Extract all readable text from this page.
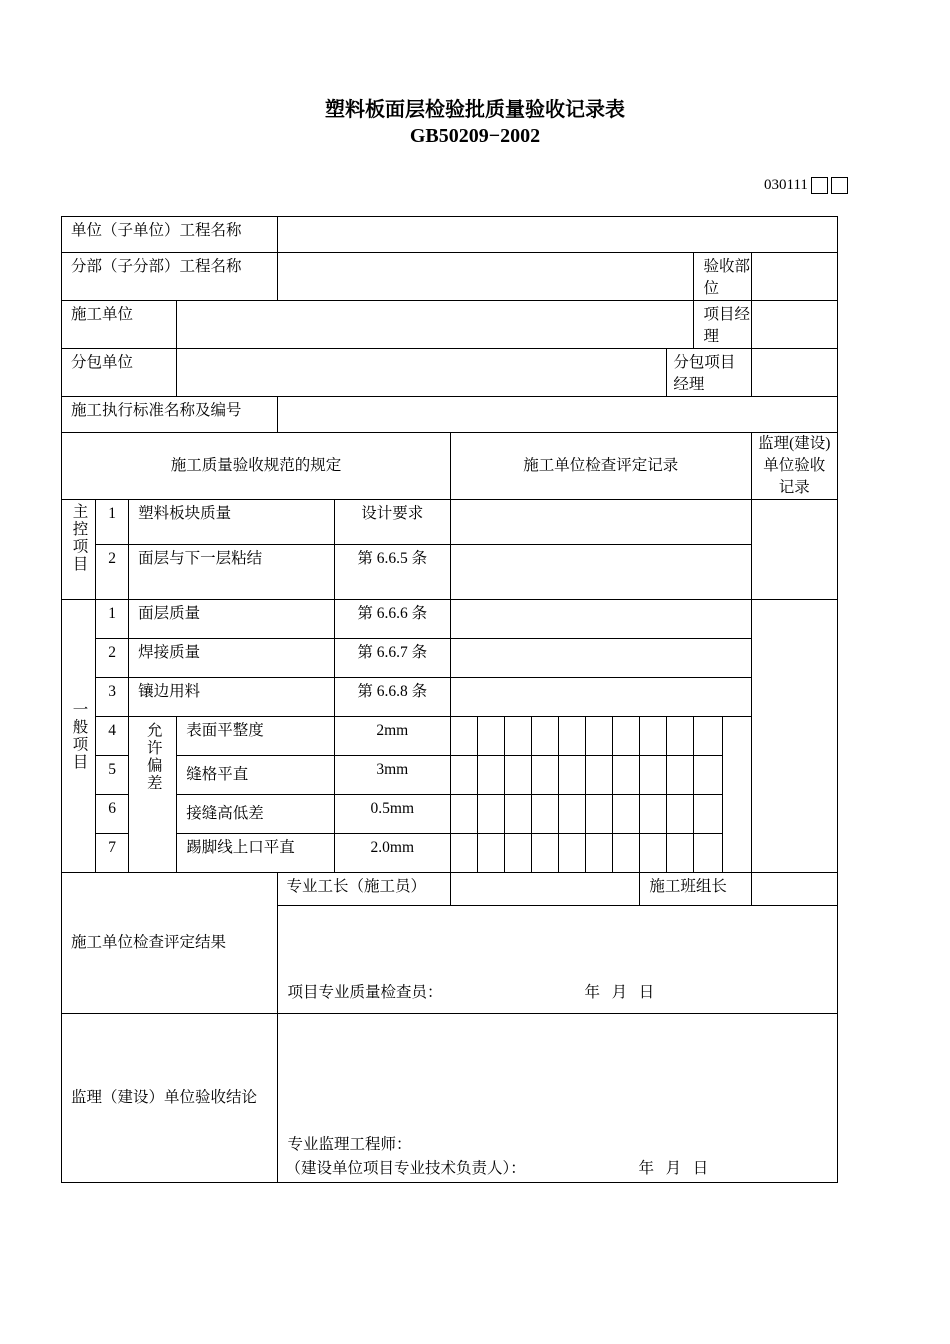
塑料板面层检验批质量验收记录表
GB50209−2002
030111
单位（子单位）工程名称																
分部（子分部）工程名称															验收部位	
施工单位															项目经理	
分包单位														分包项目经理		
施工执行标准名称及编号																
施工质量验收规范的规定						施工单位检查评定记录										监理(建设)单位验收记录

主控项目	1	塑料板块质量			设计要求											
	2	面层与下一层粘结			第 6.6.5 条											

一般项目	1	面层质量			第 6.6.6 条											
	2	焊接质量			第 6.6.7 条											
	3	镶边用料			第 6.6.8 条											
	4	允许偏差	表面平整度		2mm											
	5		缝格平直		3mm											
	6		接缝高低差		0.5mm											
	7		踢脚线上口平直		2.0mm											
施工单位检查评定结果				专业工长（施工员）									施工班组长			

				项目专业质量检查员： 年   月   日												

监理（建设）单位验收结论				专业监理工程师：
（建设单位项目专业技术负责人）： 年   月   日												
